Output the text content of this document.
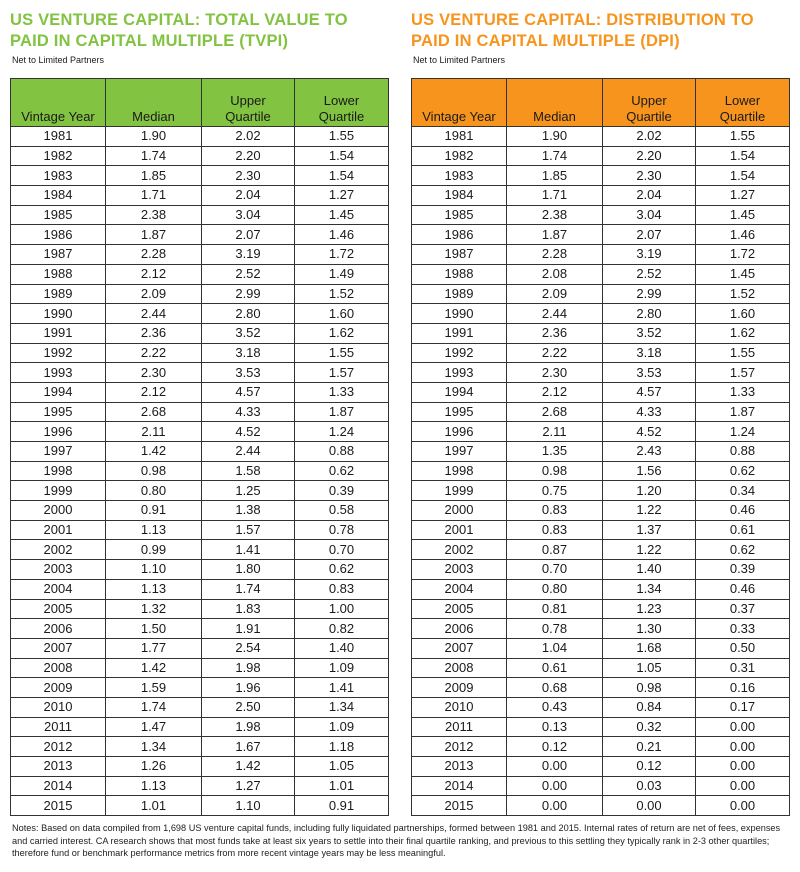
US VENTURE CAPITAL: TOTAL VALUE TO PAID IN CAPITAL MULTIPLE (TVPI)
Net to Limited Partners
Vintage Year	Median	Upper Quartile	Lower Quartile
1981	1.90	2.02	1.55
1982	1.74	2.20	1.54
1983	1.85	2.30	1.54
1984	1.71	2.04	1.27
1985	2.38	3.04	1.45
1986	1.87	2.07	1.46
1987	2.28	3.19	1.72
1988	2.12	2.52	1.49
1989	2.09	2.99	1.52
1990	2.44	2.80	1.60
1991	2.36	3.52	1.62
1992	2.22	3.18	1.55
1993	2.30	3.53	1.57
1994	2.12	4.57	1.33
1995	2.68	4.33	1.87
1996	2.11	4.52	1.24
1997	1.42	2.44	0.88
1998	0.98	1.58	0.62
1999	0.80	1.25	0.39
2000	0.91	1.38	0.58
2001	1.13	1.57	0.78
2002	0.99	1.41	0.70
2003	1.10	1.80	0.62
2004	1.13	1.74	0.83
2005	1.32	1.83	1.00
2006	1.50	1.91	0.82
2007	1.77	2.54	1.40
2008	1.42	1.98	1.09
2009	1.59	1.96	1.41
2010	1.74	2.50	1.34
2011	1.47	1.98	1.09
2012	1.34	1.67	1.18
2013	1.26	1.42	1.05
2014	1.13	1.27	1.01
2015	1.01	1.10	0.91
US VENTURE CAPITAL: DISTRIBUTION TO PAID IN CAPITAL MULTIPLE (DPI)
Net to Limited Partners
Vintage Year	Median	Upper Quartile	Lower Quartile
1981	1.90	2.02	1.55
1982	1.74	2.20	1.54
1983	1.85	2.30	1.54
1984	1.71	2.04	1.27
1985	2.38	3.04	1.45
1986	1.87	2.07	1.46
1987	2.28	3.19	1.72
1988	2.08	2.52	1.45
1989	2.09	2.99	1.52
1990	2.44	2.80	1.60
1991	2.36	3.52	1.62
1992	2.22	3.18	1.55
1993	2.30	3.53	1.57
1994	2.12	4.57	1.33
1995	2.68	4.33	1.87
1996	2.11	4.52	1.24
1997	1.35	2.43	0.88
1998	0.98	1.56	0.62
1999	0.75	1.20	0.34
2000	0.83	1.22	0.46
2001	0.83	1.37	0.61
2002	0.87	1.22	0.62
2003	0.70	1.40	0.39
2004	0.80	1.34	0.46
2005	0.81	1.23	0.37
2006	0.78	1.30	0.33
2007	1.04	1.68	0.50
2008	0.61	1.05	0.31
2009	0.68	0.98	0.16
2010	0.43	0.84	0.17
2011	0.13	0.32	0.00
2012	0.12	0.21	0.00
2013	0.00	0.12	0.00
2014	0.00	0.03	0.00
2015	0.00	0.00	0.00
Notes: Based on data compiled from 1,698 US venture capital funds, including fully liquidated partnerships, formed between 1981 and 2015. Internal rates of return are net of fees, expenses and carried interest. CA research shows that most funds take at least six years to settle into their final quartile ranking, and previous to this settling they typically rank in 2-3 other quartiles; therefore fund or benchmark performance metrics from more recent vintage years may be less meaningful.
